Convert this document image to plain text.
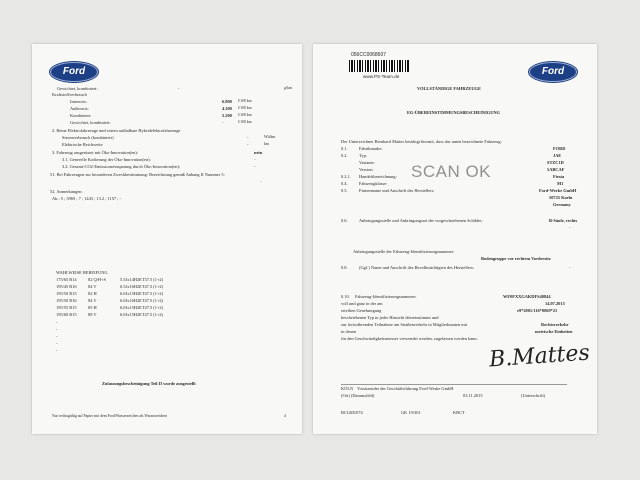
Ford
Gewichtet, kombiniert:	-	g/km
Kraftstoffverbrauch
Innerorts:	6.800 l/100 km
Außerorts:	4.300 l/100 km
Kombiniert:	5.200 l/100 km
Gewichtet, kombiniert:	-	l/100 km
2. Reine Elektrofahrzeuge und extern aufladbare Hybridelektrofahrzeuge
Stromverbrauch (kombiniert)	-	Wh/km
Elektrische Reichweite	-	km
3. Fahrzeug ausgerüstet mit Öko-Innovation(en):	nein
3.1. Generelle Kodierung der Öko-Innovation(en):	-
3.2. Gesamt-CO2-Emissionseinsparung durch Öko-Innovation(en):	-
51. Bei Fahrzeugen zur besonderen Zweckbestimmung: Bezeichnung gemäß Anhang II Nummer 5:
-
52. Anmerkungen:
Ab.: 5 ; 3969 ; 7 ; 1443 ; 13.2 ; 1157 ; -
WAHLWEISE BEREIFUNG
175/65 R14	82 Q/H+S	5.5Jx14H2ET37.5 (1+2)
195/45 R16	84 V	6.5Jx16H2ET47.5 (1+2)
195/50 R15	82 H	6.0Jx15H2ET47.5 (1+2)
195/50 R16	84 V	6.0Jx16H2ET47.5 (1+2)
195/55 R15	85 H	6.0Jx15H2ET47.5 (1+2)
195/60 R15	88 V	6.0Jx15H2ET47.5 (1+2)
-
-
-
-
-
Zulassungsbescheinigung Teil II wurde ausgestellt
Nur rechtsgültig auf Papier mit dem Ford/Wasserzeichen als Wasserzeichen	4
056CC0068607
www.PS-Team.de	Ford
VOLLSTÄNDIGE FAHRZEUGE
EG-ÜBEREINSTIMMUNGSBESCHEINIGUNG
Der Unterzeichner Bernhard Mattes bestätigt hiermit, dass das unten bezeichnete Fahrzeug:
0.1.	Fabrikmarke:	FORD
0.2.	Typ:	JA8
Variante:	STZC1D
Version:	5ABCAF
0.2.1. Handelsbezeichnung:	Fiesta
0.4.	Fahrzeugklasse:	M1
0.5.	Firmenname und Anschrift des Herstellers:	Ford-Werke GmbH
50725 Koeln
Germany
SCAN OK
0.6.	Anbringungsstelle und Anbringungsart der vorgeschriebenen Schilder:	B-Säule, rechts
-
Anbringungsstelle der Fahrzeug-Identifizierungsnummer:
Bodengruppe vor rechtem Vordersitz
0.8.	(Ggf.) Name und Anschrift des Bevollmächtigten des Herstellers:	-
0.10. Fahrzeug-Identifizierungsnummer:	WF0FXXGAKDFS40844
voll und ganz in der am	14.07.2015
erteilten Genehmigung	e9*2001/116*0069*21
beschriebenen Typ in jeder Hinsicht übereinstimmt und
zur fortwährenden Teilnahme am Straßenverkehr in Mitgliedstaaten mit	Rechtsverkehr
in denen	metrische Einheiten
für den Geschwindigkeitsmesser verwendet werden, zugelassen werden kann.
B.Mattes
KÖLN Vorsitzender der Geschäftsführung Ford-Werke GmbH
(Ort) (Datumsfeld)	03.11.2015	(Unterschrift)
BCGM1074	GK 19/301	KBCT
